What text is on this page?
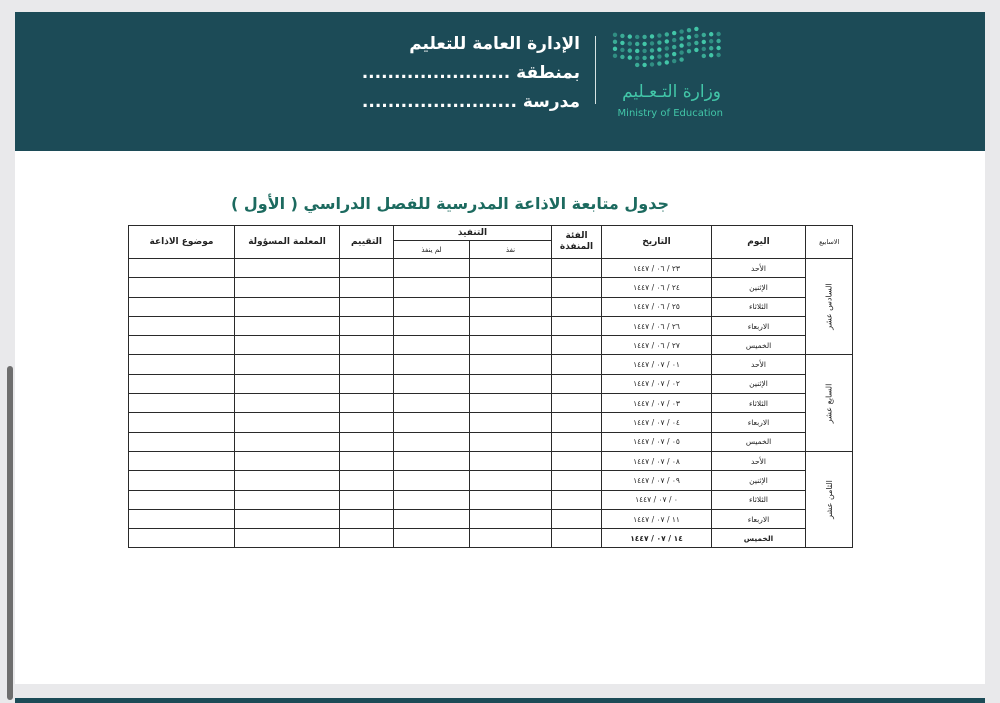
الإدارة العامة للتعليم
بمنطقة .......................
مدرسة ........................	وزارة التـعـليم
Ministry of Education
جدول متابعة الاذاعة المدرسية للفصل الدراسي ( الأول )
الاسابيع	اليوم	التاريخ	الفئة المنفذة	التنفيذ		التقييم	المعلمة المسؤولة	موضوع الاذاعة
				نفذ	لم ينفذ			
السادس عشر	الأحد	٢٣ / ٠٦ / ١٤٤٧						
	الإثنين	٢٤ / ٠٦ / ١٤٤٧						
	الثلاثاء	٢٥ / ٠٦ / ١٤٤٧						
	الاربعاء	٢٦ / ٠٦ / ١٤٤٧						
	الخميس	٢٧ / ٠٦ / ١٤٤٧						
السابع عشر	الأحد	٠١ / ٠٧ / ١٤٤٧						
	الإثنين	٠٢ / ٠٧ / ١٤٤٧						
	الثلاثاء	٠٣ / ٠٧ / ١٤٤٧						
	الاربعاء	٠٤ / ٠٧ / ١٤٤٧						
	الخميس	٠٥ / ٠٧ / ١٤٤٧						
الثامن عشر	الأحد	٠٨ / ٠٧ / ١٤٤٧						
	الإثنين	٠٩ / ٠٧ / ١٤٤٧						
	الثلاثاء	٠ / ٠٧ / ١٤٤٧						
	الاربعاء	١١ / ٠٧ / ١٤٤٧						
	الخميس	١٤ / ٠٧ / ١٤٤٧						
